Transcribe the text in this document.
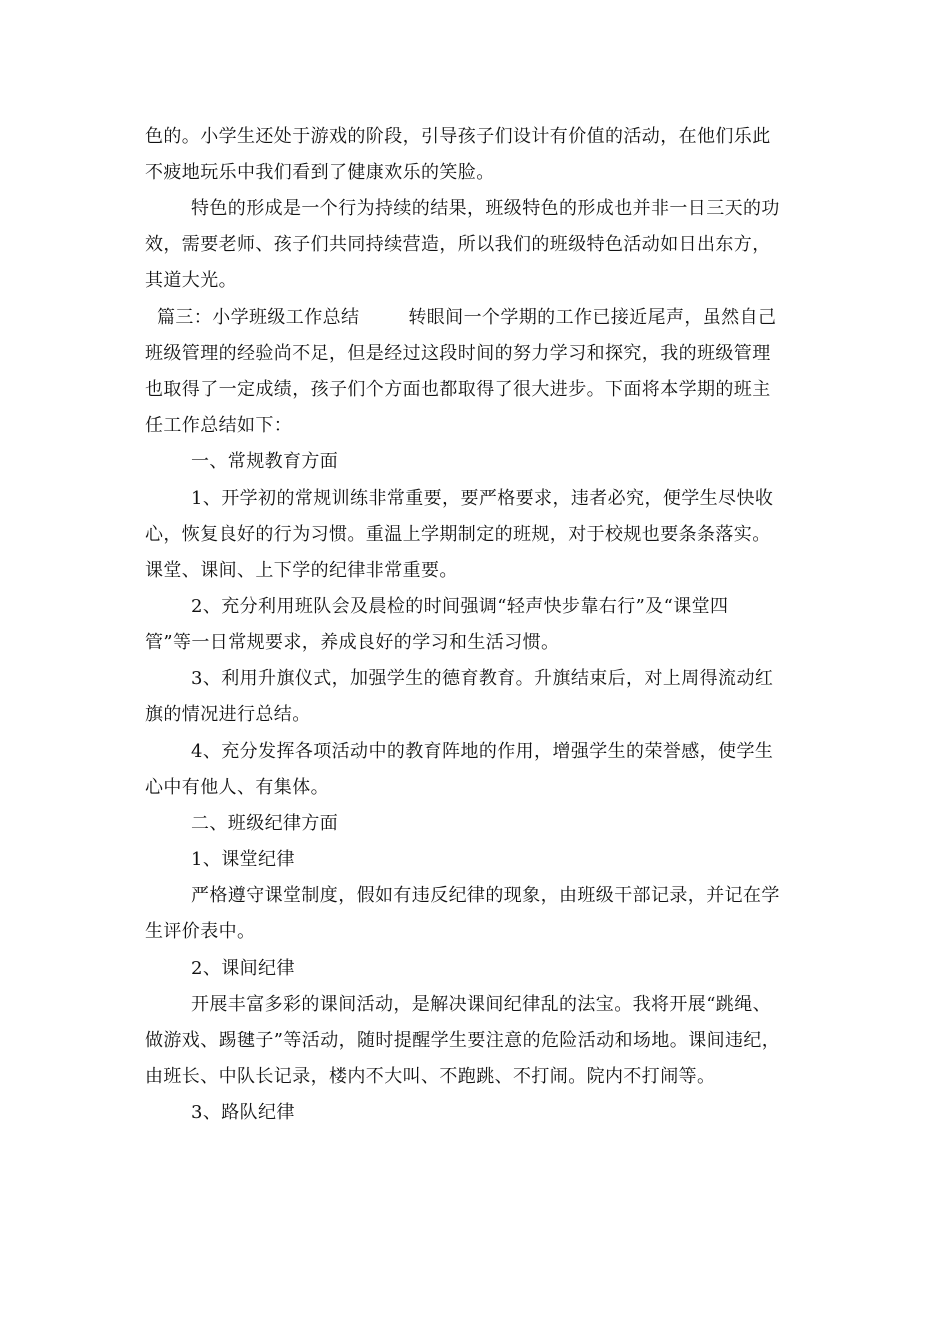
色的。小学生还处于游戏的阶段，引导孩子们设计有价值的活动，在他们乐此
不疲地玩乐中我们看到了健康欢乐的笑脸。
特色的形成是一个行为持续的结果，班级特色的形成也并非一日三天的功
效，需要老师、孩子们共同持续营造，所以我们的班级特色活动如日出东方，
其道大光。
篇三：小学班级工作总结        转眼间一个学期的工作已接近尾声，虽然自己
班级管理的经验尚不足，但是经过这段时间的努力学习和探究，我的班级管理
也取得了一定成绩，孩子们个方面也都取得了很大进步。下面将本学期的班主
任工作总结如下：
一、常规教育方面
1、开学初的常规训练非常重要，要严格要求，违者必究，便学生尽快收
心，恢复良好的行为习惯。重温上学期制定的班规，对于校规也要条条落实。
课堂、课间、上下学的纪律非常重要。
2、充分利用班队会及晨检的时间强调“轻声快步靠右行”及“课堂四
管”等一日常规要求，养成良好的学习和生活习惯。
3、利用升旗仪式，加强学生的德育教育。升旗结束后，对上周得流动红
旗的情况进行总结。
4、充分发挥各项活动中的教育阵地的作用，增强学生的荣誉感，使学生
心中有他人、有集体。
二、班级纪律方面
1、课堂纪律
严格遵守课堂制度，假如有违反纪律的现象，由班级干部记录，并记在学
生评价表中。
2、课间纪律
开展丰富多彩的课间活动，是解决课间纪律乱的法宝。我将开展“跳绳、
做游戏、踢毽子”等活动，随时提醒学生要注意的危险活动和场地。课间违纪，
由班长、中队长记录，楼内不大叫、不跑跳、不打闹。院内不打闹等。
3、路队纪律
